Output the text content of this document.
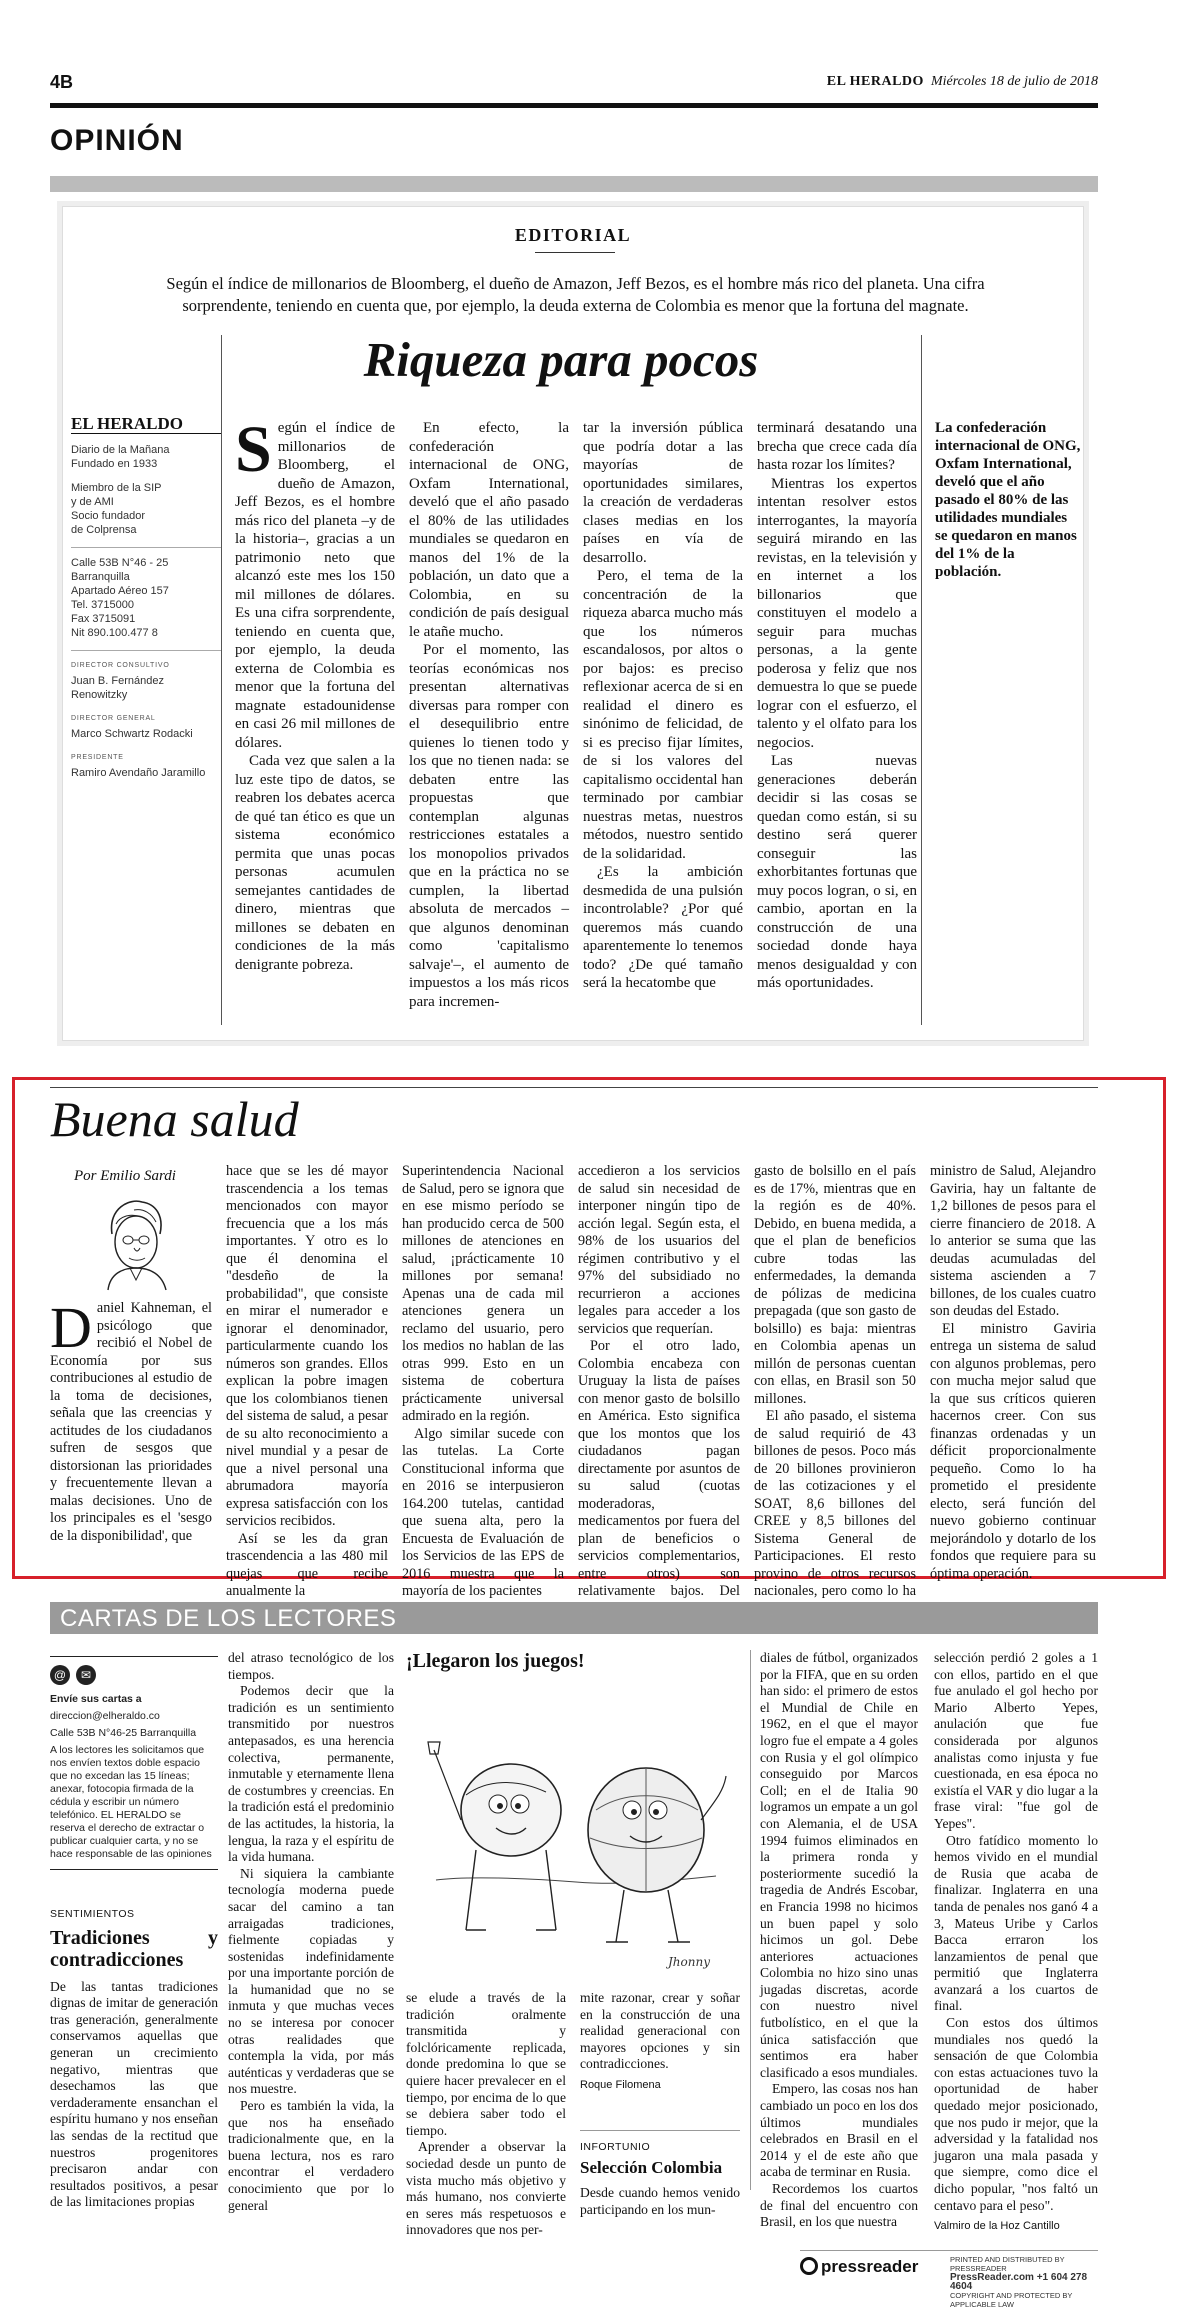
4B	EL HERALDO Miércoles 18 de julio de 2018
OPINIÓN
EDITORIAL
Según el índice de millonarios de Bloomberg, el dueño de Amazon, Jeff Bezos, es el hombre más rico del planeta. Una cifra sorprendente, teniendo en cuenta que, por ejemplo, la deuda externa de Colombia es menor que la fortuna del magnate.
Riqueza para pocos
EL HERALDO

Diario de la Mañana
Fundado en 1933

Miembro de la SIP
y de AMI
Socio fundador
de Colprensa

Calle 53B N°46 - 25
Barranquilla
Apartado Aéreo 157
Tel. 3715000
Fax 3715091
Nit 890.100.477 8

DIRECTOR CONSULTIVO

Juan B. Fernández Renowitzky

DIRECTOR GENERAL

Marco Schwartz Rodacki

PRESIDENTE

Ramiro Avendaño Jaramillo

Según el índice de millonarios de Bloomberg, el dueño de Amazon, Jeff Bezos, es el hombre más rico del planeta –y de la historia–, gracias a un patrimonio neto que alcanzó este mes los 150 mil millones de dólares. Es una cifra sorprendente, teniendo en cuenta que, por ejemplo, la deuda externa de Colombia es menor que la fortuna del magnate estadounidense en casi 26 mil millones de dólares.

Cada vez que salen a la luz este tipo de datos, se reabren los debates acerca de qué tan ético es que un sistema económico permita que unas pocas personas acumulen semejantes cantidades de dinero, mientras que millones se debaten en condiciones de la más denigrante pobreza.

En efecto, la confederación internacional de ONG, Oxfam International, develó que el año pasado el 80% de las utilidades mundiales se quedaron en manos del 1% de la población, un dato que a Colombia, en su condición de país desigual le atañe mucho.

Por el momento, las teorías económicas nos presentan alternativas diversas para romper con el desequilibrio entre quienes lo tienen todo y los que no tienen nada: se debaten entre las propuestas que contemplan algunas restricciones estatales a los monopolios privados que en la práctica no se cumplen, la libertad absoluta de mercados –que algunos denominan como 'capitalismo salvaje'–, el aumento de impuestos a los más ricos para incremen-

tar la inversión pública que podría dotar a las mayorías de oportunidades similares, la creación de verdaderas clases medias en los países en vía de desarrollo.

Pero, el tema de la concentración de la riqueza abarca mucho más que los números escandalosos, por altos o por bajos: es preciso reflexionar acerca de si en realidad el dinero es sinónimo de felicidad, de si es preciso fijar límites, de si los valores del capitalismo occidental han terminado por cambiar nuestras metas, nuestros métodos, nuestro sentido de la solidaridad.

¿Es la ambición desmedida de una pulsión incontrolable? ¿Por qué queremos más cuando aparentemente lo tenemos todo? ¿De qué tamaño será la hecatombe que

terminará desatando una brecha que crece cada día hasta rozar los límites?

Mientras los expertos intentan resolver estos interrogantes, la mayoría seguirá mirando en las revistas, en la televisión y en internet a los billonarios que constituyen el modelo a seguir para muchas personas, a la gente poderosa y feliz que nos demuestra lo que se puede lograr con el esfuerzo, el talento y el olfato para los negocios.

Las nuevas generaciones deberán decidir si las cosas se quedan como están, si su destino será querer conseguir las exhorbitantes fortunas que muy pocos logran, o si, en cambio, aportan en la construcción de una sociedad donde haya menos desigualdad y con más oportunidades.

La confederación internacional de ONG, Oxfam International, develó que el año pasado el 80% de las utilidades mundiales se quedaron en manos del 1% de la población.
Buena salud
Por Emilio Sardi

Daniel Kahneman, el psicólogo que recibió el Nobel de Economía por sus contribuciones al estudio de la toma de decisiones, señala que las creencias y actitudes de los ciudadanos sufren de sesgos que distorsionan las prioridades y frecuentemente llevan a malas decisiones. Uno de los principales es el 'sesgo de la disponibilidad', que

hace que se les dé mayor trascendencia a los temas mencionados con mayor frecuencia que a los más importantes. Y otro es lo que él denomina el "desdeño de la probabilidad", que consiste en mirar el numerador e ignorar el denominador, particularmente cuando los números son grandes. Ellos explican la pobre imagen que los colombianos tienen del sistema de salud, a pesar de su alto reconocimiento a nivel mundial y a pesar de que a nivel personal una abrumadora mayoría expresa satisfacción con los servicios recibidos.

Así se les da gran trascendencia a las 480 mil quejas que recibe anualmente la

Superintendencia Nacional de Salud, pero se ignora que en ese mismo período se han producido cerca de 500 millones de atenciones en salud, ¡prácticamente 10 millones por semana! Apenas una de cada mil atenciones genera un reclamo del usuario, pero los medios no hablan de las otras 999. Esto en un sistema de cobertura prácticamente universal admirado en la región.

Algo similar sucede con las tutelas. La Corte Constitucional informa que en 2016 se interpusieron 164.200 tutelas, cantidad que suena alta, pero la Encuesta de Evaluación de los Servicios de las EPS de 2016 muestra que la mayoría de los pacientes

accedieron a los servicios de salud sin necesidad de interponer ningún tipo de acción legal. Según esta, el 98% de los usuarios del régimen contributivo y el 97% del subsidiado no recurrieron a acciones legales para acceder a los servicios que requerían.

Por el otro lado, Colombia encabeza con Uruguay la lista de países con menor gasto de bolsillo en América. Esto significa que los montos que los ciudadanos pagan directamente por asuntos de su salud (cuotas moderadoras, medicamentos por fuera del plan de beneficios o servicios complementarios, entre otros) son relativamente bajos. Del

gasto de bolsillo en el país es de 17%, mientras que en la región es de 40%. Debido, en buena medida, a que el plan de beneficios cubre todas las enfermedades, la demanda de pólizas de medicina prepagada (que son gasto de bolsillo) es baja: mientras en Colombia apenas un millón de personas cuentan con ellas, en Brasil son 50 millones.

El año pasado, el sistema de salud requirió de 43 billones de pesos. Poco más de 20 billones provinieron de las cotizaciones y el SOAT, 8,6 billones del CREE y 8,5 billones del Sistema General de Participaciones. El resto provino de otros recursos nacionales, pero como lo ha

ministro de Salud, Alejandro Gaviria, hay un faltante de 1,2 billones de pesos para el cierre financiero de 2018. A lo anterior se suma que las deudas acumuladas del sistema ascienden a 7 billones, de los cuales cuatro son deudas del Estado.

El ministro Gaviria entrega un sistema de salud con algunos problemas, pero con mucha mejor salud que la que sus críticos quieren hacernos creer. Con sus finanzas ordenadas y un déficit proporcionalmente pequeño. Como lo ha prometido el presidente electo, será función del nuevo gobierno continuar mejorándolo y dotarlo de los fondos que requiere para su óptima operación.

CARTAS DE LOS LECTORES
@	✉

Envíe sus cartas a

direccion@elheraldo.co

Calle 53B N°46-25 Barranquilla

A los lectores les solicitamos que nos envíen textos doble espacio que no excedan las 15 líneas; anexar, fotocopia firmada de la cédula y escribir un número telefónico. EL HERALDO se reserva el derecho de extractar o publicar cualquier carta, y no se hace responsable de las opiniones

SENTIMIENTOS
Tradiciones y contradicciones

De las tantas tradiciones dignas de imitar de generación tras generación, generalmente conservamos aquellas que generan un crecimiento negativo, mientras que desechamos las que verdaderamente ensanchan el espíritu humano y nos enseñan las sendas de la rectitud que nuestros progenitores precisaron andar con resultados positivos, a pesar de las limitaciones propias

del atraso tecnológico de los tiempos.

Podemos decir que la tradición es un sentimiento transmitido por nuestros antepasados, es una herencia colectiva, permanente, inmutable y eternamente llena de costumbres y creencias. En la tradición está el predominio de las actitudes, la historia, la lengua, la raza y el espíritu de la vida humana.

Ni siquiera la cambiante tecnología moderna puede sacar del camino a tan arraigadas tradiciones, fielmente copiadas y sostenidas indefinidamente por una importante porción de la humanidad que no se inmuta y que muchas veces no se interesa por conocer otras realidades que contempla la vida, por más auténticas y verdaderas que se nos muestre.

Pero es también la vida, la que nos ha enseñado tradicionalmente que, en la buena lectura, nos es raro encontrar el verdadero conocimiento que por lo general

¡Llegaron los juegos!
Jhonny

se elude a través de la tradición oralmente transmitida y folclóricamente replicada, donde predomina lo que se quiere hacer prevalecer en el tiempo, por encima de lo que se debiera saber todo el tiempo.

Aprender a observar la sociedad desde un punto de vista mucho más objetivo y más humano, nos convierte en seres más respetuosos e innovadores que nos per-

mite razonar, crear y soñar en la construcción de una realidad generacional con mayores opciones y sin contradicciones.

Roque Filomena

INFORTUNIO
Selección Colombia

Desde cuando hemos venido participando en los mun-

diales de fútbol, organizados por la FIFA, que en su orden han sido: el primero de estos el Mundial de Chile en 1962, en el que el mayor logro fue el empate a 4 goles con Rusia y el gol olímpico conseguido por Marcos Coll; en el de Italia 90 logramos un empate a un gol con Alemania, el de USA 1994 fuimos eliminados en la primera ronda y posteriormente sucedió la tragedia de Andrés Escobar, en Francia 1998 no hicimos un buen papel y solo hicimos un gol. Debe anteriores actuaciones Colombia no hizo sino unas jugadas discretas, acorde con nuestro nivel futbolístico, en el que la única satisfacción que sentimos era haber clasificado a esos mundiales.

Empero, las cosas nos han cambiado un poco en los dos últimos mundiales celebrados en Brasil en el 2014 y el de este año que acaba de terminar en Rusia.

Recordemos los cuartos de final del encuentro con Brasil, en los que nuestra

selección perdió 2 goles a 1 con ellos, partido en el que fue anulado el gol hecho por Mario Alberto Yepes, anulación que fue considerada por algunos analistas como injusta y fue cuestionada, en esa época no existía el VAR y dio lugar a la frase viral: "fue gol de Yepes".

Otro fatídico momento lo hemos vivido en el mundial de Rusia que acaba de finalizar. Inglaterra en una tanda de penales nos ganó 4 a 3, Mateus Uribe y Carlos Bacca erraron los lanzamientos de penal que permitió que Inglaterra avanzará a los cuartos de final.

Con estos dos últimos mundiales nos quedó la sensación de que Colombia con estas actuaciones tuvo la oportunidad de haber quedado mejor posicionado, que nos pudo ir mejor, que la adversidad y la fatalidad nos jugaron una mala pasada y que siempre, como dice el dicho popular, "nos faltó un centavo para el peso".

Valmiro de la Hoz Cantillo

pressreader	PRINTED AND DISTRIBUTED BY PRESSREADER
PressReader.com +1 604 278 4604
COPYRIGHT AND PROTECTED BY APPLICABLE LAW
